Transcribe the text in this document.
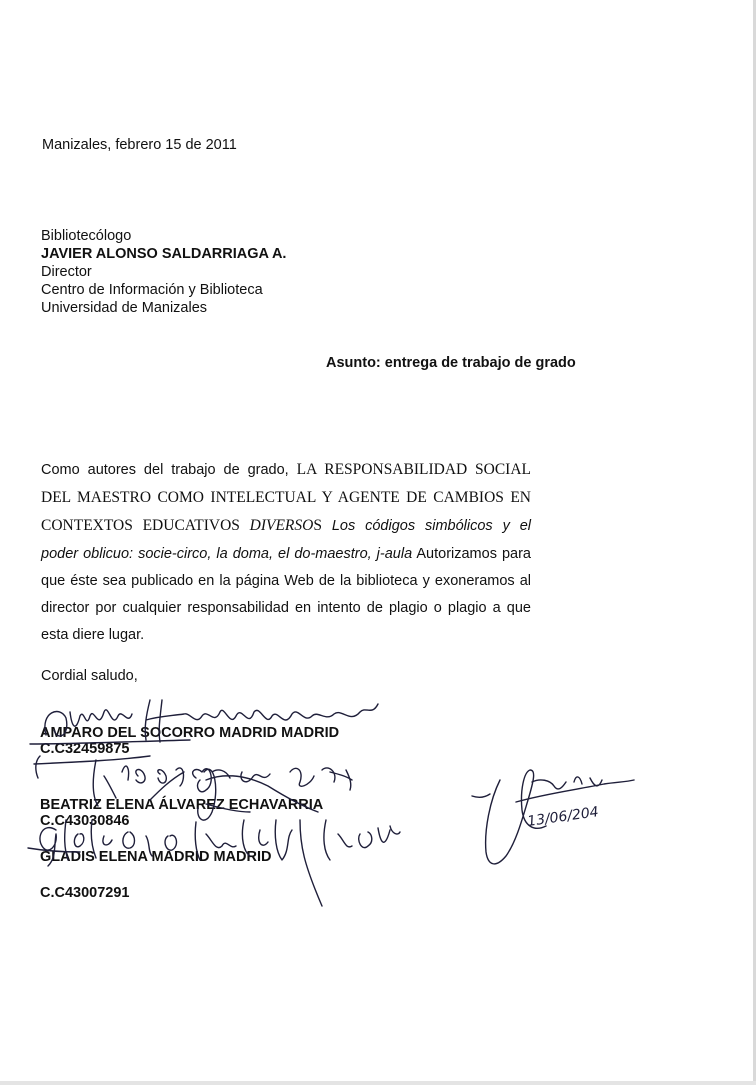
Manizales, febrero 15 de 2011
Bibliotecólogo
JAVIER ALONSO SALDARRIAGA A.
Director
Centro de Información y Biblioteca
Universidad de Manizales
Asunto: entrega de trabajo de grado
Como autores del trabajo de grado, LA RESPONSABILIDAD SOCIAL DEL MAESTRO COMO INTELECTUAL Y AGENTE DE CAMBIOS EN CONTEXTOS EDUCATIVOS DIVERSOS Los códigos simbólicos y el poder oblicuo: socie-circo, la doma, el do-maestro, j-aula Autorizamos para que éste sea publicado en la página Web de la biblioteca y exoneramos al director por cualquier responsabilidad en intento de plagio o plagio a que esta diere lugar.
Cordial saludo,
AMPARO DEL SOCORRO MADRID MADRID
C.C32459875
BEATRIZ ELENA ÁLVAREZ ECHAVARRIA
C.C43030846
GLADIS ELENA MADRID MADRID
C.C43007291
13/06/204
